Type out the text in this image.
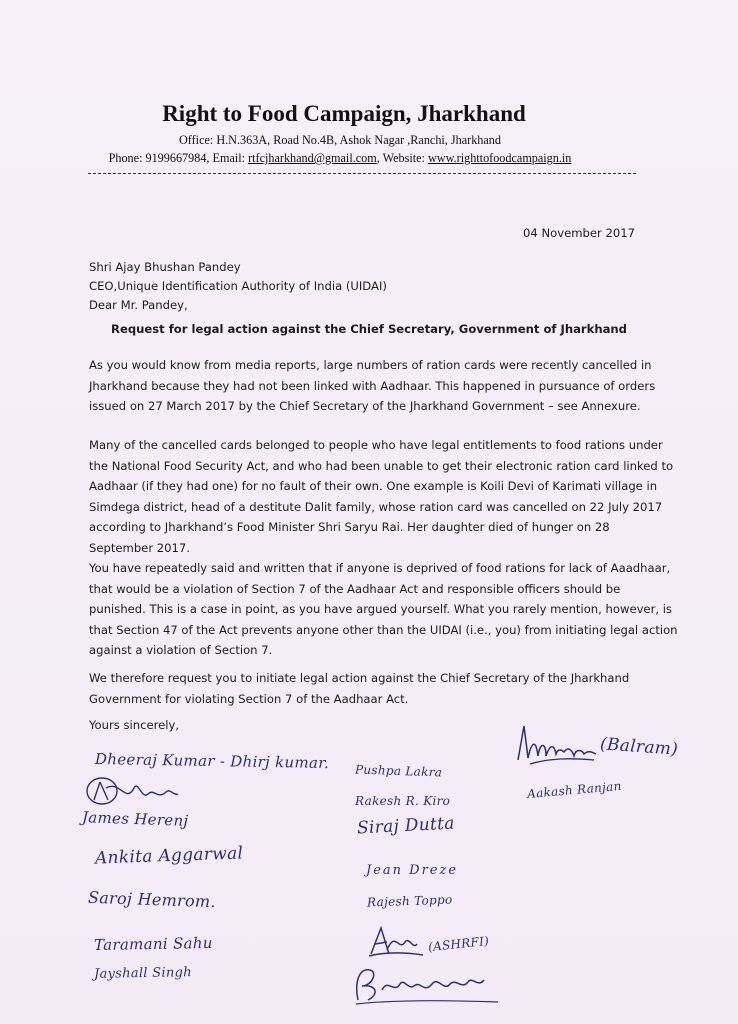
Right to Food Campaign, Jharkhand
Office: H.N.363A, Road No.4B, Ashok Nagar ,Ranchi, Jharkhand
Phone: 9199667984, Email: rtfcjharkhand@gmail.com, Website: www.righttofoodcampaign.in
04 November 2017
Shri Ajay Bhushan Pandey
CEO,Unique Identification Authority of India (UIDAI)
Dear Mr. Pandey,
Request for legal action against the Chief Secretary, Government of Jharkhand
As you would know from media reports, large numbers of ration cards were recently cancelled in
Jharkhand because they had not been linked with Aadhaar. This happened in pursuance of orders
issued on 27 March 2017 by the Chief Secretary of the Jharkhand Government – see Annexure.
Many of the cancelled cards belonged to people who have legal entitlements to food rations under
the National Food Security Act, and who had been unable to get their electronic ration card linked to
Aadhaar (if they had one) for no fault of their own. One example is Koili Devi of Karimati village in
Simdega district, head of a destitute Dalit family, whose ration card was cancelled on 22 July 2017
according to Jharkhand’s Food Minister Shri Saryu Rai. Her daughter died of hunger on 28
September 2017.
You have repeatedly said and written that if anyone is deprived of food rations for lack of Aaadhaar,
that would be a violation of Section 7 of the Aadhaar Act and responsible officers should be
punished. This is a case in point, as you have argued yourself. What you rarely mention, however, is
that Section 47 of the Act prevents anyone other than the UIDAI (i.e., you) from initiating legal action
against a violation of Section 7.
We therefore request you to initiate legal action against the Chief Secretary of the Jharkhand
Government for violating Section 7 of the Aadhaar Act.
Yours sincerely,
Dheeraj Kumar - Dhirj kumar.
James Herenj
Ankita Aggarwal
Saroj Hemrom.
Taramani Sahu
Jayshall Singh
Pushpa Lakra
Rakesh R. Kiro
Siraj Dutta
Jean Dreze
Rajesh Toppo
(ASHRFI)
(Balram)
Aakash Ranjan
